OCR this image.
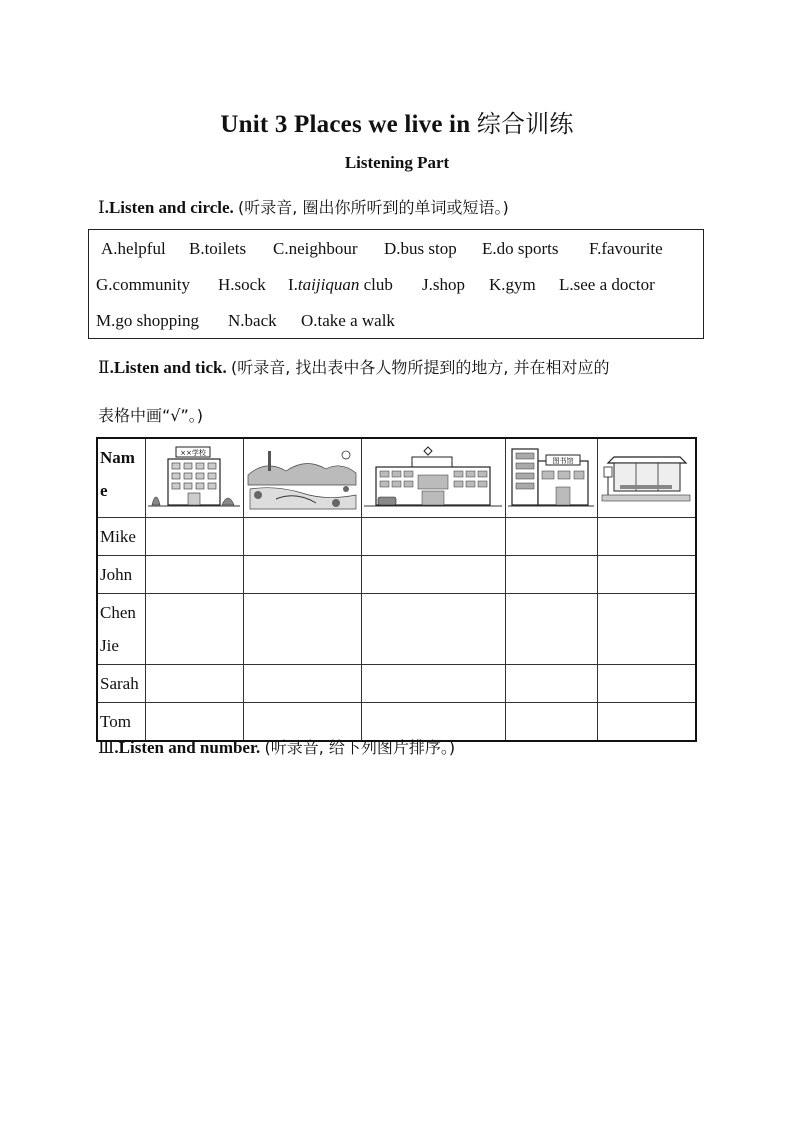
Unit 3 Places we live in 综合训练
Listening Part
Ⅰ.Listen and circle. (听录音, 圈出你所听到的单词或短语。)
A.helpful B.toilets C.neighbour D.bus stop E.do sports F.favourite
G.community H.sock I.taijiquan club J.shop K.gym L.see a doctor
M.go shopping N.back O.take a walk
Ⅱ.Listen and tick. (听录音, 找出表中各人物所提到的地方, 并在相对应的
表格中画“√”。)
Nam
e	××学校			图书馆

Mike					
John					

Chen
Jie					

Sarah					
Tom					
Ⅲ.Listen and number. (听录音, 给下列图片排序。)
